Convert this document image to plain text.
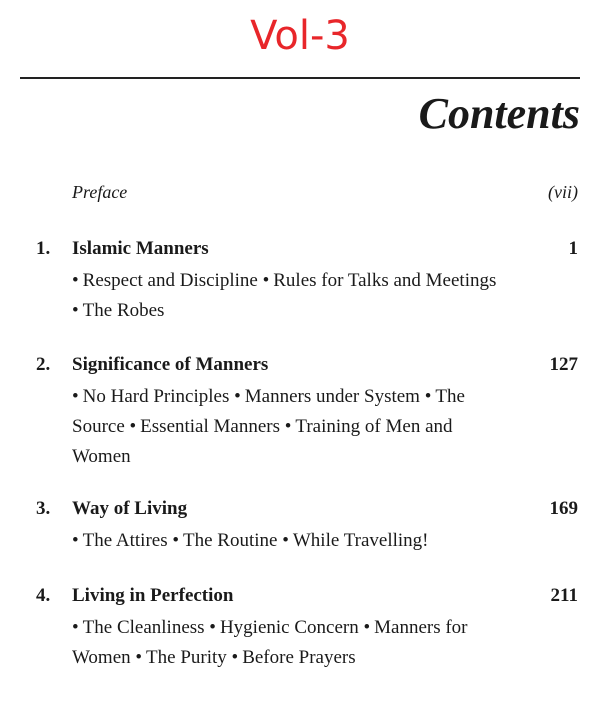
Vol-3
Contents
Preface	(vii)
1.	Islamic Manners	1
• Respect and Discipline • Rules for Talks and Meetings • The Robes
2.	Significance of Manners	127
• No Hard Principles • Manners under System • The Source • Essential Manners • Training of Men and Women
3.	Way of Living	169
• The Attires • The Routine • While Travelling!
4.	Living in Perfection	211
• The Cleanliness • Hygienic Concern • Manners for Women • The Purity • Before Prayers
